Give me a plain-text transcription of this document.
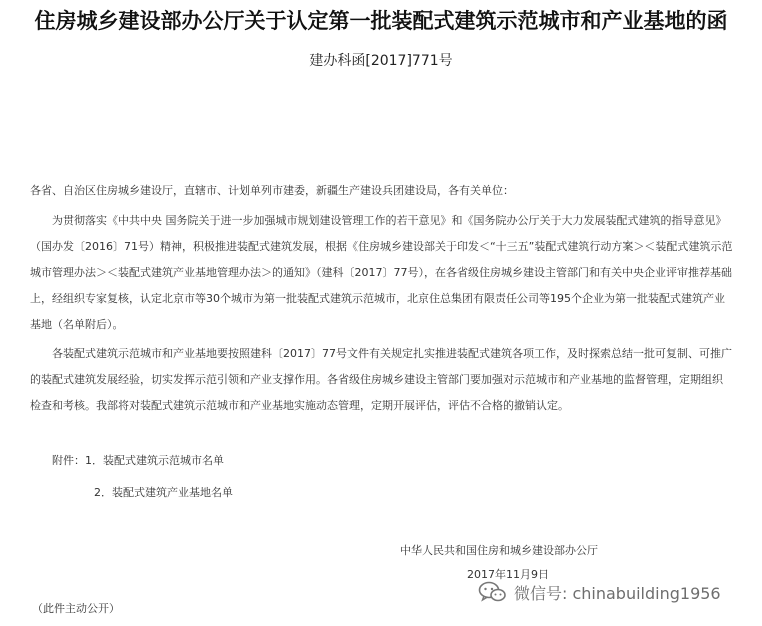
住房城乡建设部办公厅关于认定第一批装配式建筑示范城市和产业基地的函
建办科函[2017]771号

各省、自治区住房城乡建设厅，直辖市、计划单列市建委，新疆生产建设兵团建设局，各有关单位：

为贯彻落实《中共中央 国务院关于进一步加强城市规划建设管理工作的若干意见》和《国务院办公厅关于大力发展装配式建筑的指导意见》（国办发〔2016〕71号）精神，积极推进装配式建筑发展，根据《住房城乡建设部关于印发＜“十三五”装配式建筑行动方案＞＜装配式建筑示范城市管理办法＞＜装配式建筑产业基地管理办法＞的通知》（建科〔2017〕77号），在各省级住房城乡建设主管部门和有关中央企业评审推荐基础上，经组织专家复核，认定北京市等30个城市为第一批装配式建筑示范城市，北京住总集团有限责任公司等195个企业为第一批装配式建筑产业基地（名单附后）。

各装配式建筑示范城市和产业基地要按照建科〔2017〕77号文件有关规定扎实推进装配式建筑各项工作，及时探索总结一批可复制、可推广的装配式建筑发展经验，切实发挥示范引领和产业支撑作用。各省级住房城乡建设主管部门要加强对示范城市和产业基地的监督管理，定期组织检查和考核。我部将对装配式建筑示范城市和产业基地实施动态管理，定期开展评估，评估不合格的撤销认定。

附件：1．装配式建筑示范城市名单
2．装配式建筑产业基地名单
中华人民共和国住房和城乡建设部办公厅
2017年11月9日
（此件主动公开）
微信号: chinabuilding1956
